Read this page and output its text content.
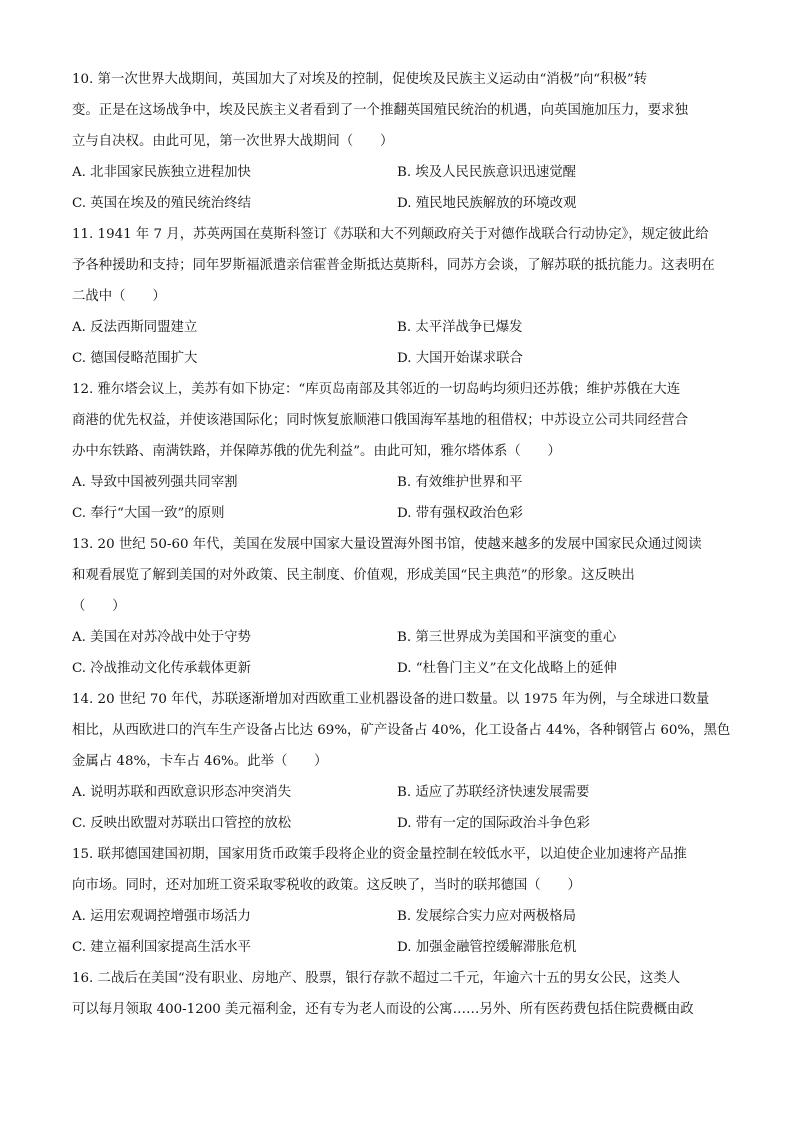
10. 第一次世界大战期间，英国加大了对埃及的控制，促使埃及民族主义运动由“消极”向“积极”转
变。正是在这场战争中，埃及民族主义者看到了一个推翻英国殖民统治的机遇，向英国施加压力，要求独
立与自决权。由此可见，第一次世界大战期间（　　）
A. 北非国家民族独立进程加快	B. 埃及人民民族意识迅速觉醒
C. 英国在埃及的殖民统治终结	D. 殖民地民族解放的环境改观
11. 1941 年 7 月，苏英两国在莫斯科签订《苏联和大不列颠政府关于对德作战联合行动协定》，规定彼此给
予各种援助和支持；同年罗斯福派遣亲信霍普金斯抵达莫斯科，同苏方会谈，了解苏联的抵抗能力。这表明在
二战中（　　）
A. 反法西斯同盟建立	B. 太平洋战争已爆发
C. 德国侵略范围扩大	D. 大国开始谋求联合
12. 雅尔塔会议上，美苏有如下协定：“库页岛南部及其邻近的一切岛屿均须归还苏俄；维护苏俄在大连
商港的优先权益，并使该港国际化；同时恢复旅顺港口俄国海军基地的租借权；中苏设立公司共同经营合
办中东铁路、南满铁路，并保障苏俄的优先利益”。由此可知，雅尔塔体系（　　）
A. 导致中国被列强共同宰割	B. 有效维护世界和平
C. 奉行“大国一致”的原则	D. 带有强权政治色彩
13. 20 世纪 50-60 年代，美国在发展中国家大量设置海外图书馆，使越来越多的发展中国家民众通过阅读
和观看展览了解到美国的对外政策、民主制度、价值观，形成美国“民主典范”的形象。这反映出
（　　）
A. 美国在对苏冷战中处于守势	B. 第三世界成为美国和平演变的重心
C. 冷战推动文化传承载体更新	D. “杜鲁门主义”在文化战略上的延伸
14. 20 世纪 70 年代，苏联逐渐增加对西欧重工业机器设备的进口数量。以 1975 年为例，与全球进口数量
相比，从西欧进口的汽车生产设备占比达 69%，矿产设备占 40%，化工设备占 44%，各种钢管占 60%，黑色
金属占 48%，卡车占 46%。此举（　　）
A. 说明苏联和西欧意识形态冲突消失	B. 适应了苏联经济快速发展需要
C. 反映出欧盟对苏联出口管控的放松	D. 带有一定的国际政治斗争色彩
15. 联邦德国建国初期，国家用货币政策手段将企业的资金量控制在较低水平，以迫使企业加速将产品推
向市场。同时，还对加班工资采取零税收的政策。这反映了，当时的联邦德国（　　）
A. 运用宏观调控增强市场活力	B. 发展综合实力应对两极格局
C. 建立福利国家提高生活水平	D. 加强金融管控缓解滞胀危机
16. 二战后在美国“没有职业、房地产、股票，银行存款不超过二千元，年逾六十五的男女公民，这类人
可以每月领取 400-1200 美元福利金，还有专为老人而设的公寓……另外、所有医药费包括住院费概由政
